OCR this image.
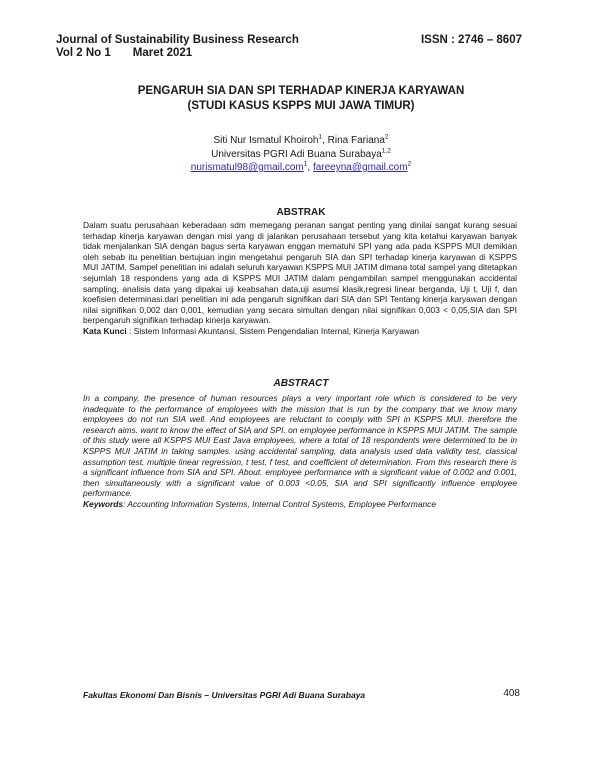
Journal of Sustainability Business Research	ISSN : 2746 – 8607
Vol 2 No 1 Maret 2021
PENGARUH SIA DAN SPI TERHADAP KINERJA KARYAWAN
(STUDI KASUS KSPPS MUI JAWA TIMUR)
Siti Nur Ismatul Khoiroh$^1$, Rina Fariana$^2$
Universitas PGRI Adi Buana Surabaya$^{1,2}$
nurismatul98@gmail.com$^1$, fareeyna@gmail.com$^2$
ABSTRAK
Dalam suatu perusahaan keberadaan sdm memegang peranan sangat penting yang dinilai sangat kurang sesuai terhadap kinerja karyawan dengan misi yang di jalankan perusahaan tersebut yang kita ketahui karyawan banyak tidak menjalankan SIA dengan bagus serta karyawan enggan mematuhi SPI yang ada pada KSPPS MUI demikian oleh sebab itu penelitian bertujuan ingin mengetahui pengaruh SIA dan SPI terhadap kinerja karyawan di KSPPS MUI JATIM. Sampel penelitian ini adalah seluruh karyawan KSPPS MUI JATIM dimana total sampel yang ditetapkan sejumlah 18 respondens yang ada di KSPPS MUI JATIM dalam pengambilan sampel menggunakan accidental sampling, analisis data yang dipakai uji keabsahan data,uji asumsi klasik,regresi linear berganda, Uji t, Uji f, dan koefisien determinasi.dari penelitian ini ada pengaruh signifikan dari SIA dan SPI Tentang kinerja karyawan dengan nilai signifikan 0,002 dan 0,001, kemudian yang secara simultan dengan nilai signifikan 0,003 < 0,05,SIA dan SPI berpengaruh signifikan terhadap kinerja karyawan.
Kata Kunci : Sistem Informasi Akuntansi, Sistem Pengendalian Internal, Kinerja Karyawan
ABSTRACT
In a company, the presence of human resources plays a very important role which is considered to be very inadequate to the performance of employees with the mission that is run by the company that we know many employees do not run SIA well. And employees are reluctant to comply with SPI in KSPPS MUI. therefore the research aims. want to know the effect of SIA and SPI. on employee performance in KSPPS MUI JATIM. The sample of this study were all KSPPS MUI East Java employees, where a total of 18 respondents were determined to be in KSPPS MUI JATIM in taking samples. using accidental sampling, data analysis used data validity test, classical assumption test, multiple linear regression, t test, f test, and coefficient of determination. From this research there is a significant influence from SIA and SPI. About. employee performance with a significant value of 0.002 and 0.001, then simultaneously with a significant value of 0.003 <0.05, SIA and SPI significantly influence employee performance.
Keywords: Accounting Information Systems, Internal Control Systems, Employee Performance
Fakultas Ekonomi Dan Bisnis – Universitas PGRI Adi Buana Surabaya	408
